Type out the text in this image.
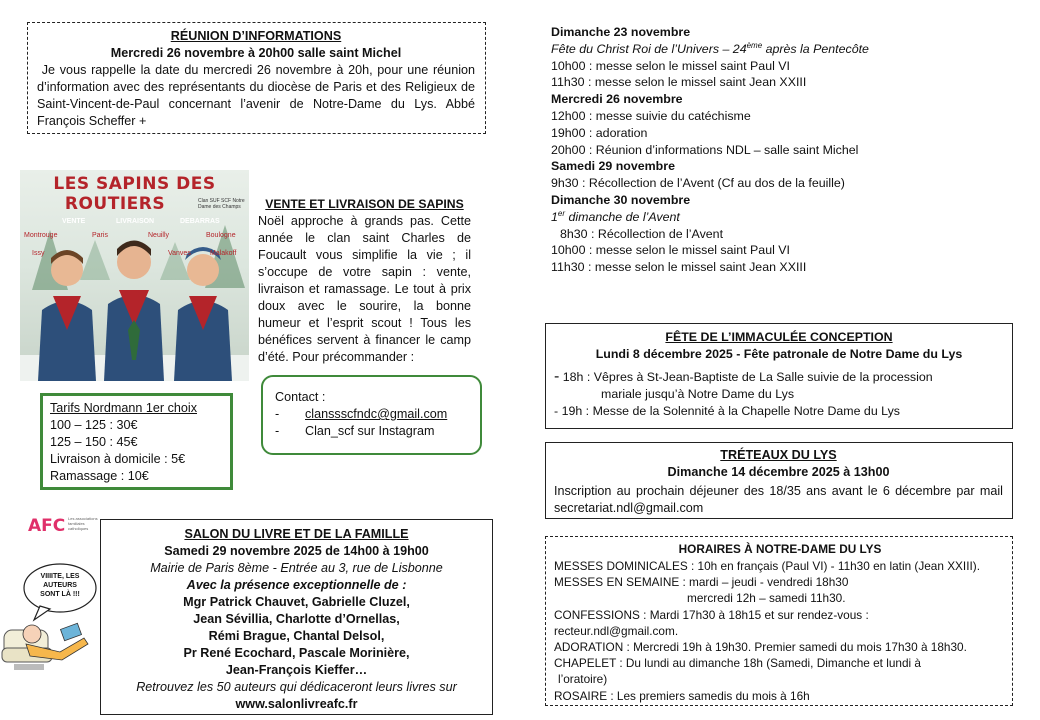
RÉUNION D’INFORMATIONS
Mercredi 26 novembre à 20h00 salle saint Michel
Je vous rappelle la date du mercredi 26 novembre à 20h, pour une réunion d’information avec des représentants du diocèse de Paris et des Religieux de Saint-Vincent-de-Paul concernant l’avenir de Notre-Dame du Lys. Abbé François Scheffer +
LES SAPINS DES
ROUTIERS	Clan SUF SCF Notre Dame des Champs
VENTE	LIVRAISON	DEBARRAS
Montrouge	Paris	Neuilly	Boulogne
Issy	Vanves	Malakoff
VENTE ET LIVRAISON DE SAPINS
Noël approche à grands pas. Cette année le clan saint Charles de Foucault vous simplifie la vie ; il s’occupe de votre sapin : vente, livraison et ramassage. Le tout à prix doux avec le sourire, la bonne humeur et l’esprit scout ! Tous les bénéfices servent à financer le camp d’été. Pour précommander :
Tarifs Nordmann 1er choix
100 – 125 : 30€
125 – 150 : 45€
Livraison à domicile : 5€
Ramassage : 10€
Contact :
- clanssscfndc@gmail.com
- Clan_scf sur Instagram
AFC Les associations familiales catholiques
VIIIITE, LES AUTEURS SONT LÀ !!!
SALON DU LIVRE ET DE LA FAMILLE
Samedi 29 novembre 2025 de 14h00 à 19h00
Mairie de Paris 8ème - Entrée au 3, rue de Lisbonne
Avec la présence exceptionnelle de :
Mgr Patrick Chauvet, Gabrielle Cluzel,
Jean Sévillia, Charlotte d’Ornellas,
Rémi Brague, Chantal Delsol,
Pr René Ecochard, Pascale Morinière,
Jean-François Kieffer…
Retrouvez les 50 auteurs qui dédicaceront leurs livres sur
www.salonlivreafc.fr
Dimanche 23 novembre
Fête du Christ Roi de l’Univers – 24ème après la Pentecôte
10h00 : messe selon le missel saint Paul VI
11h30 : messe selon le missel saint Jean XXIII
Mercredi 26 novembre
12h00 : messe suivie du catéchisme
19h00 : adoration
20h00 : Réunion d’informations NDL – salle saint Michel
Samedi 29 novembre
9h30 : Récollection de l’Avent (Cf au dos de la feuille)
Dimanche 30 novembre
1er dimanche de l’Avent
8h30 : Récollection de l’Avent
10h00 : messe selon le missel saint Paul VI
11h30 : messe selon le missel saint Jean XXIII
FÊTE DE L’IMMACULÉE CONCEPTION
Lundi 8 décembre 2025 - Fête patronale de Notre Dame du Lys
- 18h : Vêpres à St-Jean-Baptiste de La Salle suivie de la procession
mariale jusqu’à Notre Dame du Lys
- 19h : Messe de la Solennité à la Chapelle Notre Dame du Lys
TRÉTEAUX DU LYS
Dimanche 14 décembre 2025 à 13h00
Inscription au prochain déjeuner des 18/35 ans avant le 6 décembre par mail secretariat.ndl@gmail.com
HORAIRES À NOTRE-DAME DU LYS
MESSES DOMINICALES : 10h en français (Paul VI) - 11h30 en latin (Jean XXIII).
MESSES EN SEMAINE : mardi – jeudi - vendredi 18h30
mercredi 12h – samedi 11h30.
CONFESSIONS : Mardi 17h30 à 18h15 et sur rendez-vous :
recteur.ndl@gmail.com.
ADORATION : Mercredi 19h à 19h30. Premier samedi du mois 17h30 à 18h30.
CHAPELET : Du lundi au dimanche 18h (Samedi, Dimanche et lundi à
l’oratoire)
ROSAIRE : Les premiers samedis du mois à 16h
